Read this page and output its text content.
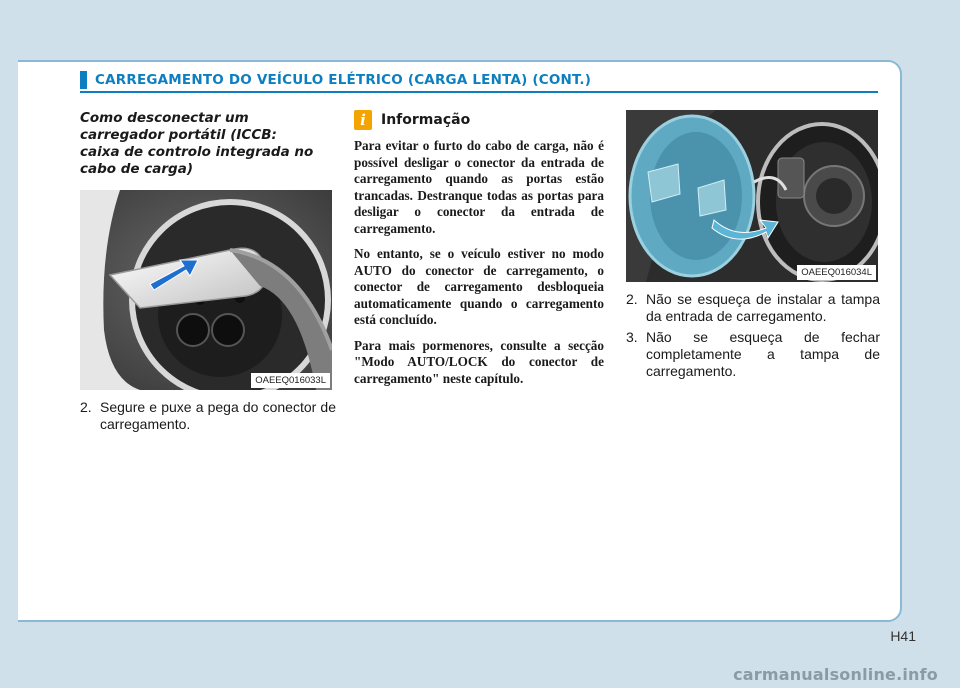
CARREGAMENTO DO VEÍCULO ELÉTRICO (CARGA LENTA) (CONT.)

Como desconectar um carregador portátil (ICCB: caixa de controlo integrada no cabo de carga)

OAEEQ016033L
2. Segure e puxe a pega do conector de carregamento.
i	Informação

Para evitar o furto do cabo de carga, não é possível desligar o conector da entrada de carregamento quando as portas estão trancadas. Destranque todas as portas para desligar o conector da entrada de carregamento.

No entanto, se o veículo estiver no modo AUTO do conector de carregamento, o conector de carregamento desbloqueia automaticamente quando o carregamento está concluído.

Para mais pormenores, consulte a secção "Modo AUTO/LOCK do conector de carregamento" neste capítulo.

OAEEQ016034L
2. Não se esqueça de instalar a tampa da entrada de carregamento.
3. Não se esqueça de fechar completamente a tampa de carregamento.
H41
carmanualsonline.info
